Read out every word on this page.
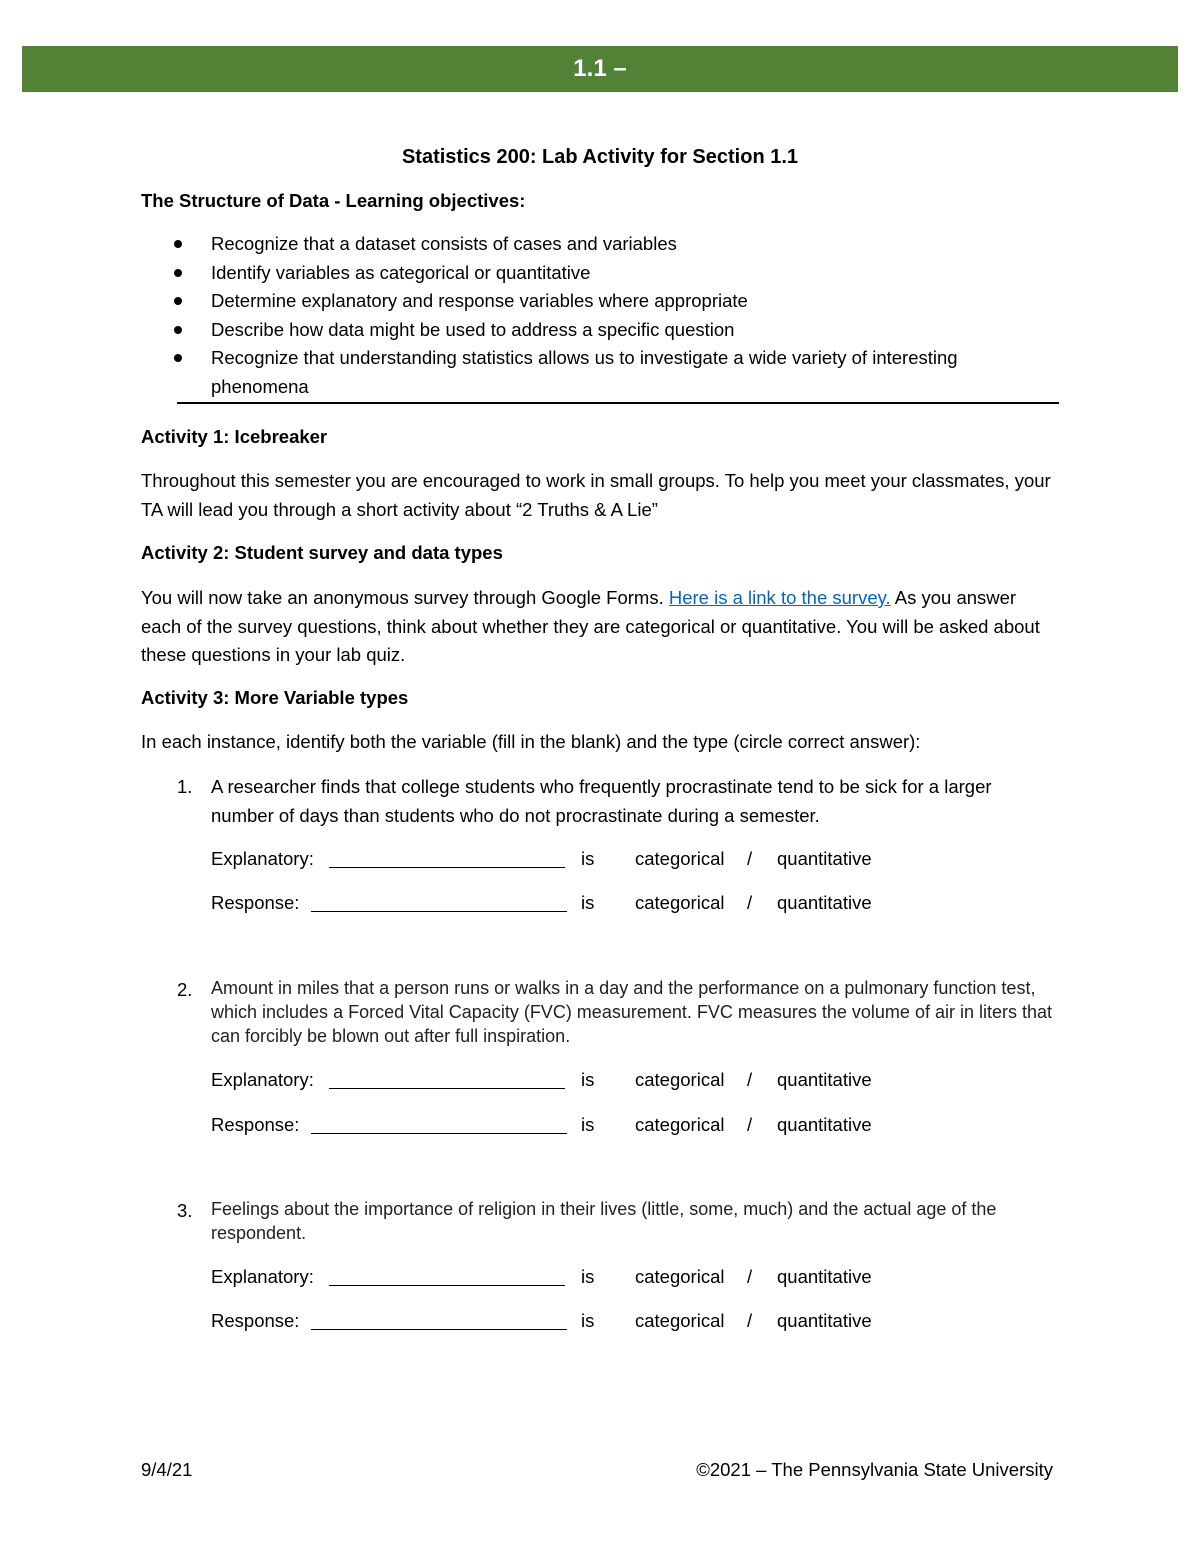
1.1 –

Statistics 200: Lab Activity for Section 1.1

The Structure of Data - Learning objectives:
Recognize that a dataset consists of cases and variables
Identify variables as categorical or quantitative
Determine explanatory and response variables where appropriate
Describe how data might be used to address a specific question
Recognize that understanding statistics allows us to investigate a wide variety of interesting phenomena
Activity 1: Icebreaker
Throughout this semester you are encouraged to work in small groups. To help you meet your classmates, your TA will lead you through a short activity about “2 Truths & A Lie”
Activity 2: Student survey and data types
You will now take an anonymous survey through Google Forms. Here is a link to the survey. As you answer each of the survey questions, think about whether they are categorical or quantitative. You will be asked about these questions in your lab quiz.
Activity 3: More Variable types
In each instance, identify both the variable (fill in the blank) and the type (circle correct answer):
1. A researcher finds that college students who frequently procrastinate tend to be sick for a larger number of days than students who do not procrastinate during a semester.
Explanatory:	is categorical / quantitative
Response:	is categorical / quantitative
2. Amount in miles that a person runs or walks in a day and the performance on a pulmonary function test, which includes a Forced Vital Capacity (FVC) measurement. FVC measures the volume of air in liters that can forcibly be blown out after full inspiration.
Explanatory:	is categorical / quantitative
Response:	is categorical / quantitative
3. Feelings about the importance of religion in their lives (little, some, much) and the actual age of the respondent.
Explanatory:	is categorical / quantitative
Response:	is categorical / quantitative
9/4/21	©2021 – The Pennsylvania State University
